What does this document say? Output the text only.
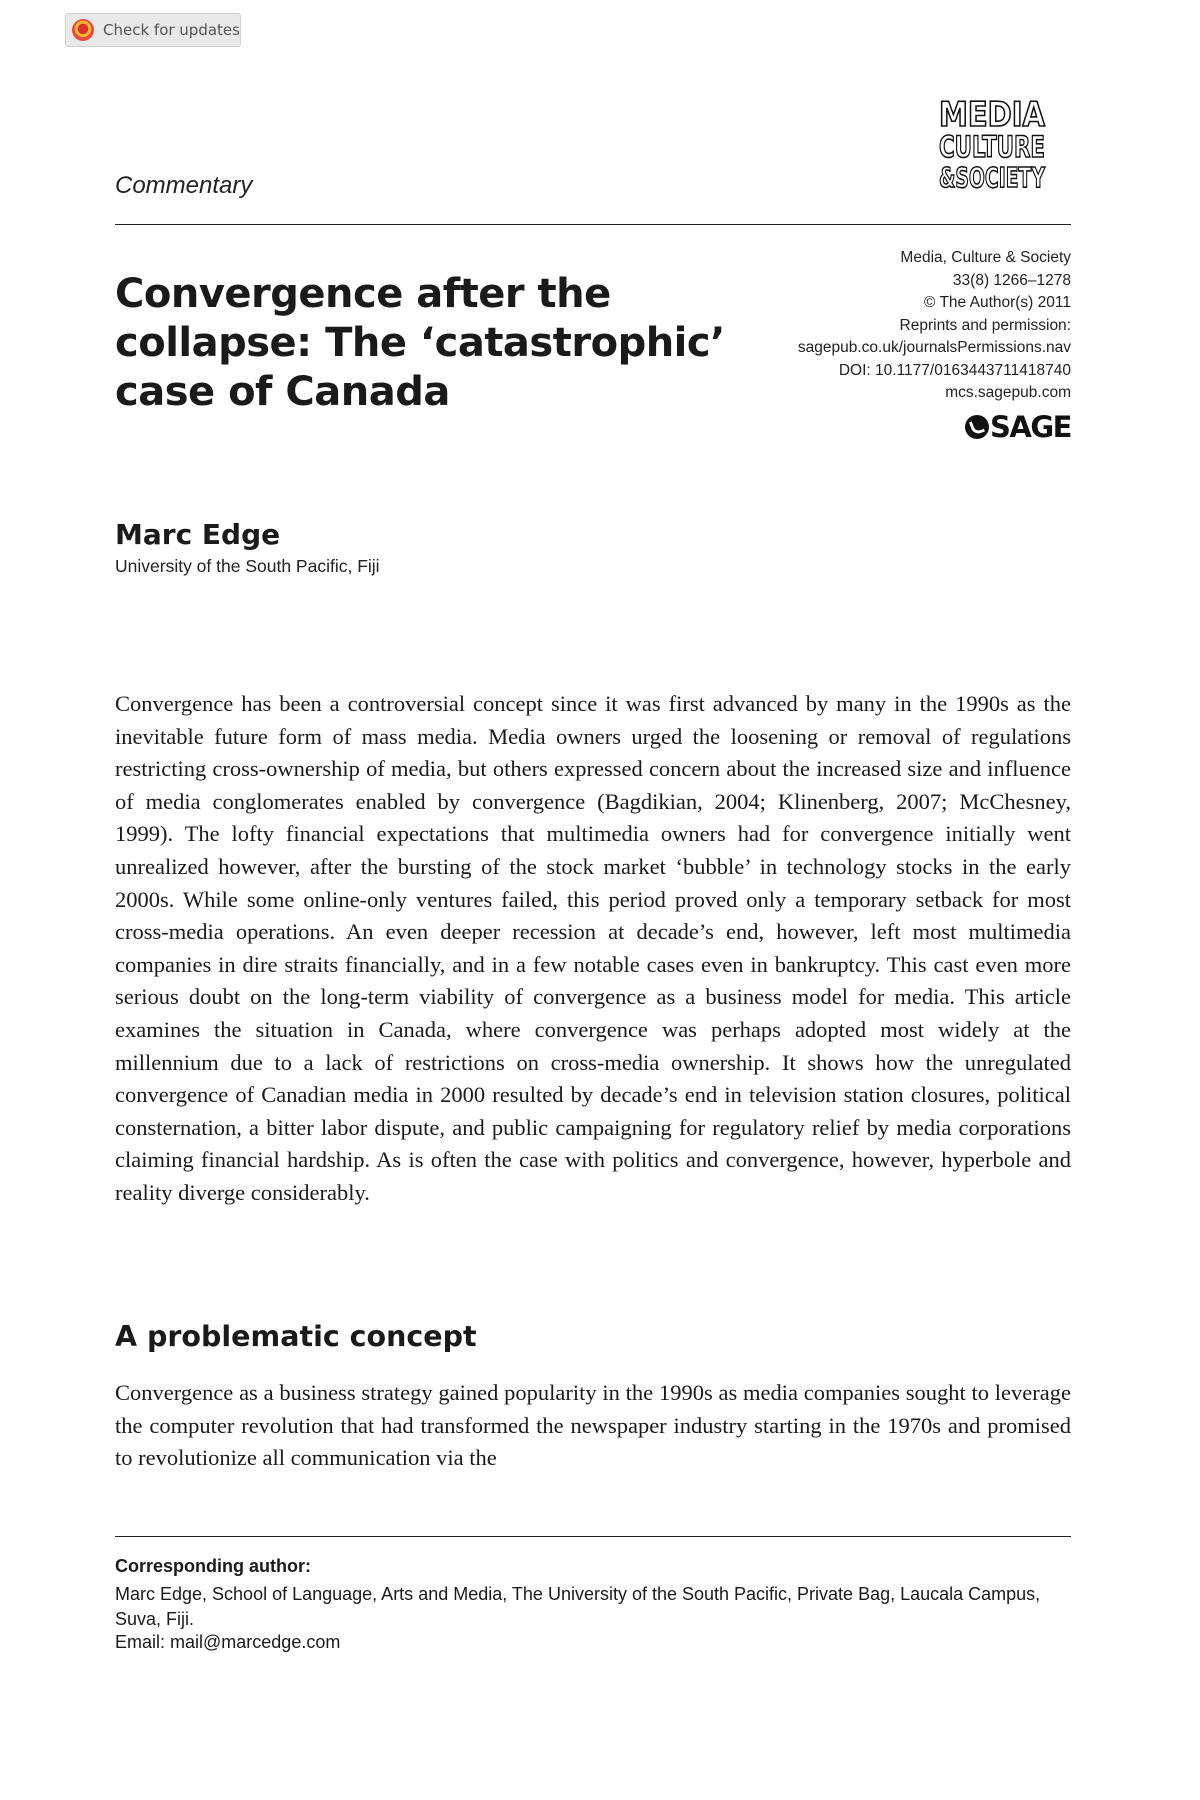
Check for updates
Commentary
MEDIA
CULTURE
&SOCIETY
Convergence after the
collapse: The ‘catastrophic’
case of Canada
Media, Culture & Society
33(8) 1266–1278
© The Author(s) 2011
Reprints and permission:
sagepub.co.uk/journalsPermissions.nav
DOI: 10.1177/0163443711418740
mcs.sagepub.com
SAGE
Marc Edge
University of the South Pacific, Fiji

Convergence has been a controversial concept since it was first advanced by many in the 1990s as the inevitable future form of mass media. Media owners urged the loosening or removal of regulations restricting cross-ownership of media, but others expressed concern about the increased size and influence of media conglomerates enabled by convergence (Bagdikian, 2004; Klinenberg, 2007; McChesney, 1999). The lofty financial expectations that multimedia owners had for convergence initially went unrealized however, after the bursting of the stock market ‘bubble’ in technology stocks in the early 2000s. While some online-only ventures failed, this period proved only a temporary setback for most cross-media operations. An even deeper recession at decade’s end, however, left most multimedia companies in dire straits financially, and in a few notable cases even in bankruptcy. This cast even more serious doubt on the long-term viability of convergence as a business model for media. This article examines the situation in Canada, where convergence was perhaps adopted most widely at the millennium due to a lack of restrictions on cross-media ownership. It shows how the unregulated convergence of Canadian media in 2000 resulted by decade’s end in television station closures, political consternation, a bitter labor dispute, and public campaigning for regulatory relief by media corporations claiming financial hardship. As is often the case with politics and convergence, however, hyperbole and reality diverge considerably.

A problematic concept

Convergence as a business strategy gained popularity in the 1990s as media companies sought to leverage the computer revolution that had transformed the newspaper industry starting in the 1970s and promised to revolutionize all communication via the

Corresponding author:
Marc Edge, School of Language, Arts and Media, The University of the South Pacific, Private Bag, Laucala Campus, Suva, Fiji.
Email: mail@marcedge.com
